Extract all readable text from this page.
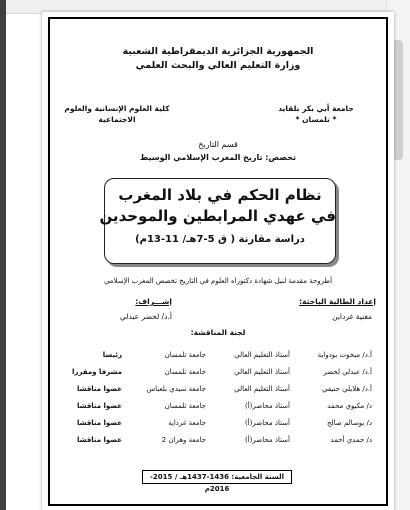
الجمهورية الجزائرية الديمقراطية الشعبية
وزارة التعليم العالي والبحث العلمي
جامعة أبي بكر بلقايد
* تلمسان *
كلية العلوم الإنسانية والعلوم
الاجتماعية
قسم التاريخ
تخصص: تاريخ المغرب الإسلامي الوسيط
نظام الحكم في بلاد المغرب
في عهدي المرابطين والموحدين
دراسة مقارنة ( ق 5-7هـ/ 11-13م)
أطروحة مقدمة لنيل شهادة دكتوراه العلوم في التاريخ تخصص المغرب الإسلامي
إعداد الطالبة الباحثة:
مغنية غرداين
إشـــراف:
أ.د/ لخضر عبدلي
لجنة المناقشة:
أ.د/ مبخوت بودواية
أستاذ التعليم العالي
جامعة تلمسان
رئيسا
أ.د/ عبدلي لخضر
أستاذ التعليم العالي
جامعة تلمسان
مشرفا ومقررا
أ.د/ هلايلي حنيفي
أستاذ التعليم العالي
جامعة سيدي بلعباس
عضوا مناقشا
د/ مكيوي محمد
أستاذ محاضر(أ)
جامعة تلمسان
عضوا مناقشا
د/ بوسالم صالح
أستاذ محاضر(أ)
جامعة غرداية
عضوا مناقشا
د/ حمدي أحمد
أستاذ محاضر(أ)
جامعة وهران 2
عضوا مناقشا
السنة الجامعية: 1436-1437هـ / 2015- 2016م
